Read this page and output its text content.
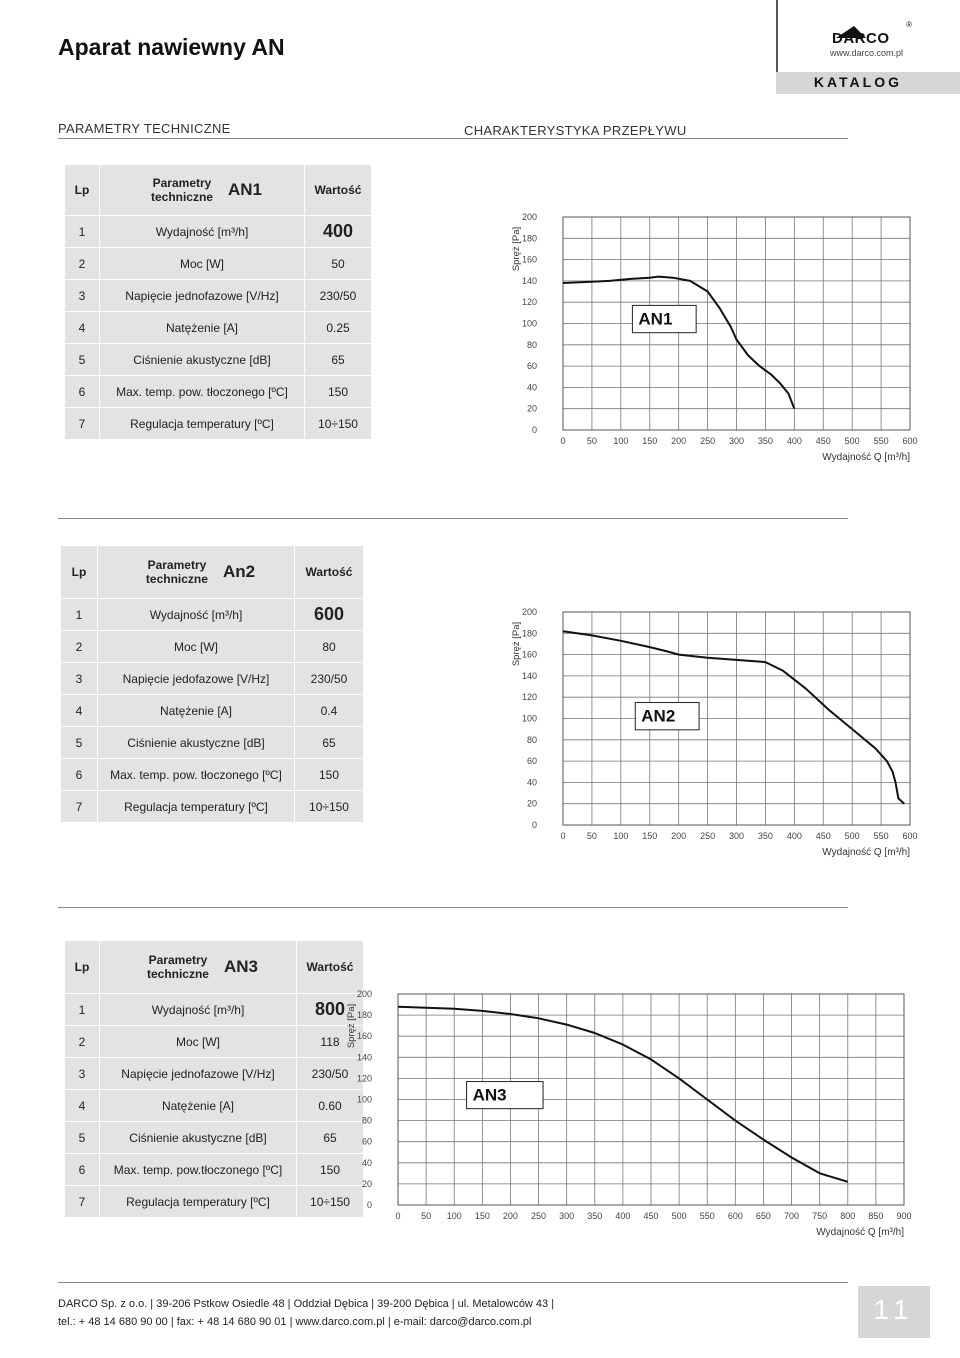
Aparat nawiewny AN
®
DARCO
www.darco.com.pl
KATALOG
PARAMETRY TECHNICZNE	CHARAKTERYSTYKA PRZEPŁYWU
Lp	Parametry techniczne AN1	Wartość
1	Wydajność [m³/h]	400
2	Moc [W]	50
3	Napięcie jednofazowe [V/Hz]	230/50
4	Natężenie [A]	0.25
5	Ciśnienie akustyczne [dB]	65
6	Max. temp. pow. tłoczonego [ºC]	150
7	Regulacja temperatury [ºC]	10÷150
Lp	Parametry techniczne An2	Wartość
1	Wydajność [m³/h]	600
2	Moc [W]	80
3	Napięcie jedofazowe [V/Hz]	230/50
4	Natężenie [A]	0.4
5	Ciśnienie akustyczne [dB]	65
6	Max. temp. pow. tłoczonego [ºC]	150
7	Regulacja temperatury [ºC]	10÷150
Lp	Parametry techniczne AN3	Wartość
1	Wydajność [m³/h]	800
2	Moc [W]	118
3	Napięcie jednofazowe [V/Hz]	230/50
4	Natężenie [A]	0.60
5	Ciśnienie akustyczne [dB]	65
6	Max. temp. pow.tłoczonego [ºC]	150
7	Regulacja temperatury [ºC]	10÷150
0
20
40
60
80
100
120
140
160
180
200
0 50 100 150 200 250 300 350 400 450 500 550 600
Spręż [Pa]
Wydajność Q [m³/h]
AN1
0
20
40
60
80
100
120
140
160
180
200
0 50 100 150 200 250 300 350 400 450 500 550 600
Spręż [Pa]
Wydajność Q [m³/h]
AN2
0
20
40
60
80
100
120
140
160
180
200
0 50 100 150 200 250 300 350 400 450 500 550 600 650 700 750 800 850 900
Spręż [Pa]
Wydajność Q [m³/h]
AN3
DARCO Sp. z o.o. | 39-206 Pstkow Osiedle 48 | Oddział Dębica | 39-200 Dębica | ul. Metalowców 43 |
tel.: + 48 14 680 90 00 | fax: + 48 14 680 90 01 | www.darco.com.pl | e-mail: darco@darco.com.pl	11
